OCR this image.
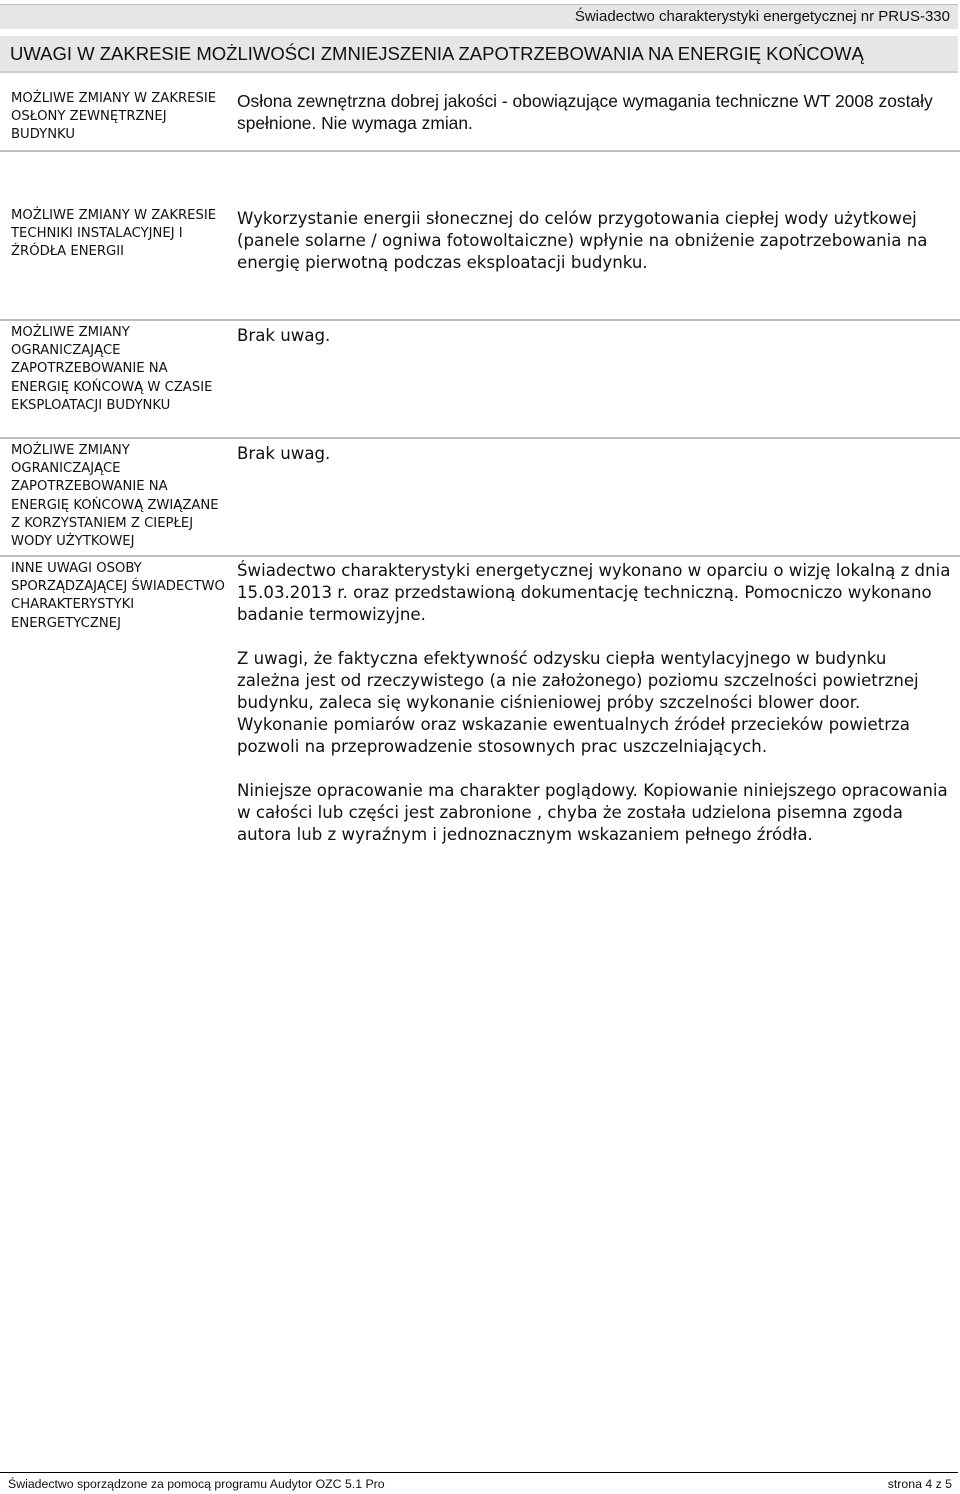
Świadectwo charakterystyki energetycznej nr PRUS-330
UWAGI W ZAKRESIE MOŻLIWOŚCI ZMNIEJSZENIA ZAPOTRZEBOWANIA NA ENERGIĘ KOŃCOWĄ
MOŻLIWE ZMIANY W ZAKRESIE OSŁONY ZEWNĘTRZNEJ BUDYNKU

Osłona zewnętrzna dobrej jakości - obowiązujące wymagania techniczne WT 2008 zostały spełnione. Nie wymaga zmian.

MOŻLIWE ZMIANY W ZAKRESIE TECHNIKI INSTALACYJNEJ I ŹRÓDŁA ENERGII

Wykorzystanie energii słonecznej do celów przygotowania ciepłej wody użytkowej (panele solarne / ogniwa fotowoltaiczne) wpłynie na obniżenie zapotrzebowania na energię pierwotną podczas eksploatacji budynku.

MOŻLIWE ZMIANY OGRANICZAJĄCE ZAPOTRZEBOWANIE NA ENERGIĘ KOŃCOWĄ W CZASIE EKSPLOATACJI BUDYNKU

Brak uwag.

MOŻLIWE ZMIANY OGRANICZAJĄCE ZAPOTRZEBOWANIE NA ENERGIĘ KOŃCOWĄ ZWIĄZANE Z KORZYSTANIEM Z CIEPŁEJ WODY UŻYTKOWEJ

Brak uwag.

INNE UWAGI OSOBY SPORZĄDZAJĄCEJ ŚWIADECTWO CHARAKTERYSTYKI ENERGETYCZNEJ

Świadectwo charakterystyki energetycznej wykonano w oparciu o wizję lokalną z dnia 15.03.2013 r. oraz przedstawioną dokumentację techniczną. Pomocniczo wykonano badanie termowizyjne.

Z uwagi, że faktyczna efektywność odzysku ciepła wentylacyjnego w budynku zależna jest od rzeczywistego (a nie założonego) poziomu szczelności powietrznej budynku, zaleca się wykonanie ciśnieniowej próby szczelności blower door. Wykonanie pomiarów oraz wskazanie ewentualnych źródeł przecieków powietrza pozwoli na przeprowadzenie stosownych prac uszczelniających.

Niniejsze opracowanie ma charakter poglądowy. Kopiowanie niniejszego opracowania w całości lub części jest zabronione , chyba że została udzielona pisemna zgoda autora lub z wyraźnym i jednoznacznym wskazaniem pełnego źródła.

Świadectwo sporządzone za pomocą programu Audytor OZC 5.1 Pro	strona 4 z 5
